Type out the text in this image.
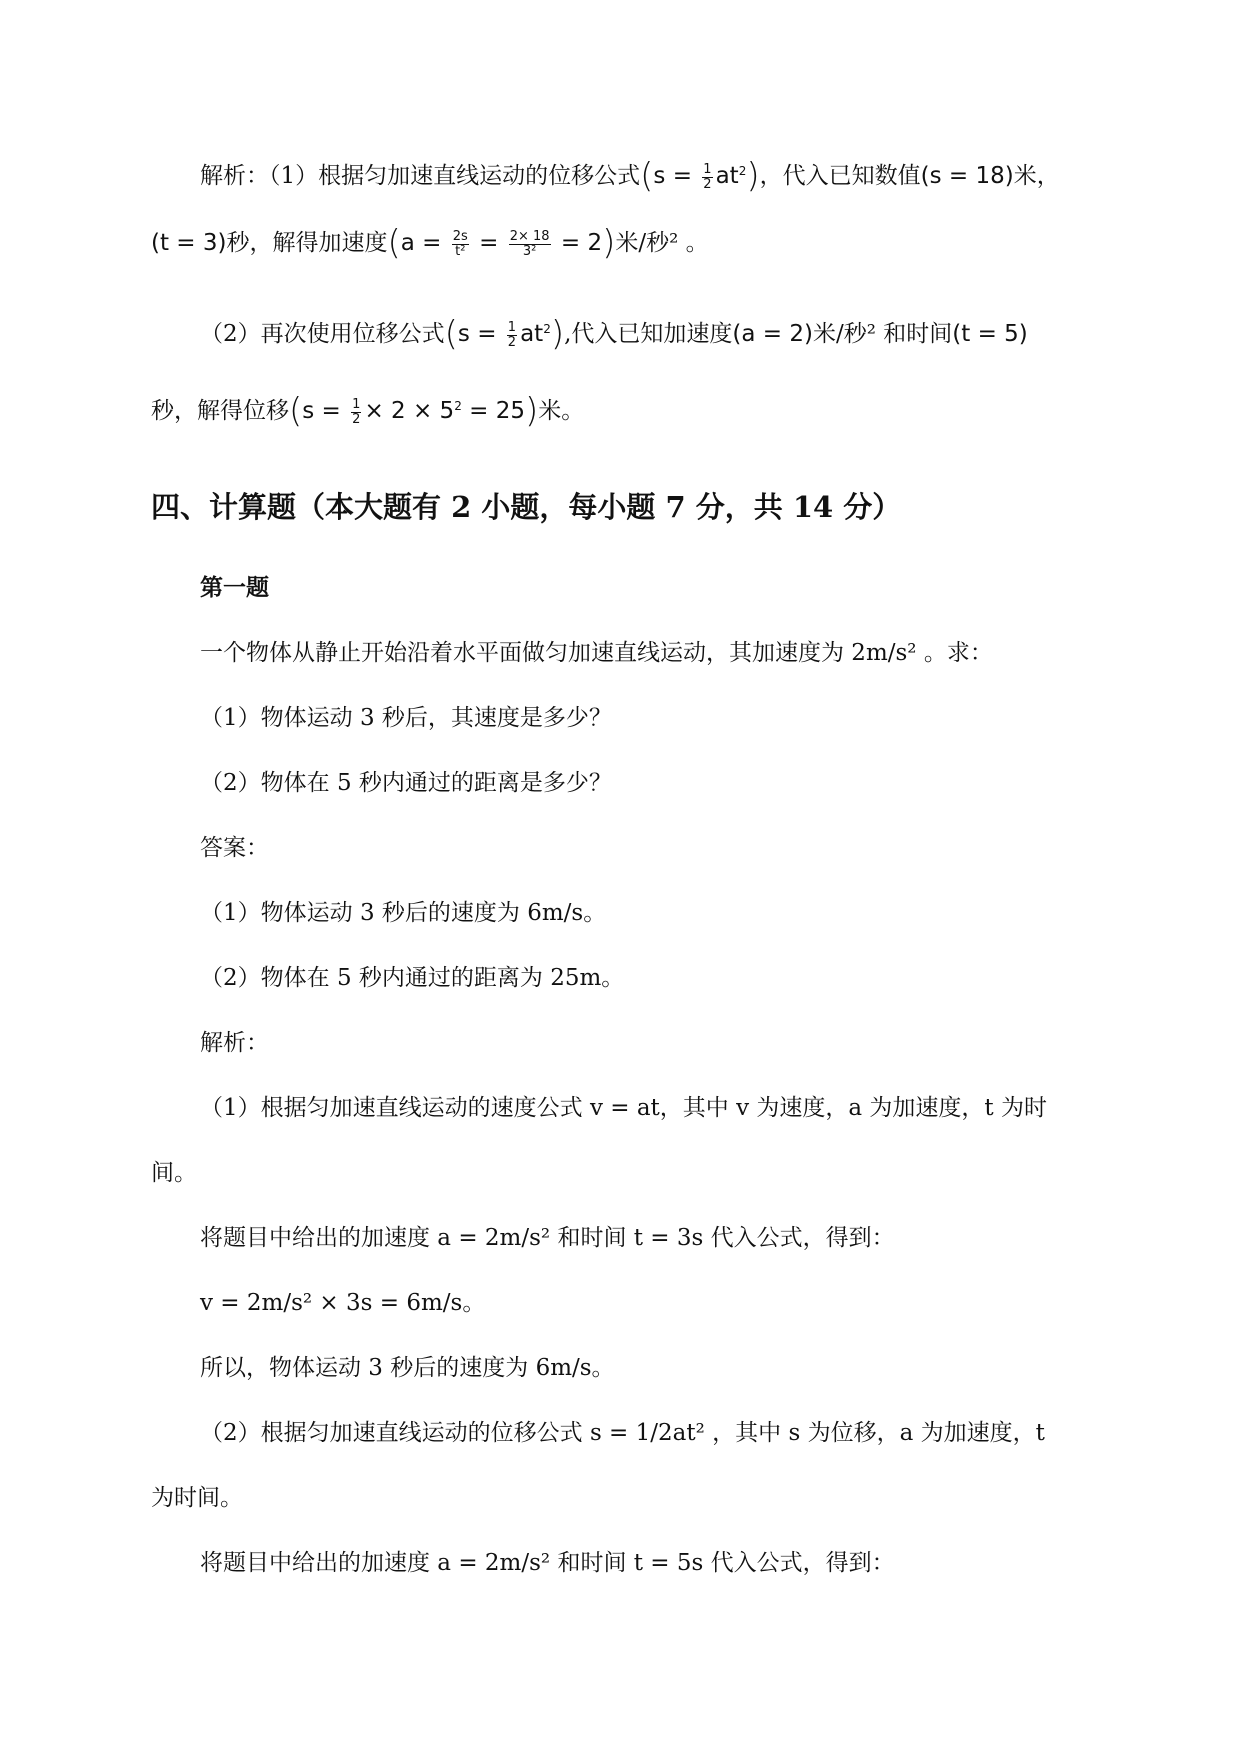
解析：（1）根据匀加速直线运动的位移公式$(s = \frac{1}{2} at^2)$，代入已知数值(s = 18)米，
(t = 3)秒，解得加速度$(a = \frac{2s}{\text{t²}} = \frac{2\times 18}{\text{3²}} = 2)$米/秒² 。
（2）再次使用位移公式$(s = \frac{1}{2} at^2)$,代入已知加速度(a = 2)米/秒² 和时间(t = 5)
秒，解得位移$(s = \frac{1}{2} \times 2 \times 5^2 = 25)$米。
四、计算题（本大题有 2 小题，每小题 7 分，共 14 分）
第一题
一个物体从静止开始沿着水平面做匀加速直线运动，其加速度为 2m/s² 。求：
（1）物体运动 3 秒后，其速度是多少？
（2）物体在 5 秒内通过的距离是多少？
答案：
（1）物体运动 3 秒后的速度为 6m/s。
（2）物体在 5 秒内通过的距离为 25m。
解析：
（1）根据匀加速直线运动的速度公式 v = at，其中 v 为速度，a 为加速度，t 为时
间。
将题目中给出的加速度 a = 2m/s² 和时间 t = 3s 代入公式，得到：
v = 2m/s² × 3s = 6m/s。
所以，物体运动 3 秒后的速度为 6m/s。
（2）根据匀加速直线运动的位移公式 s = 1/2at² ，其中 s 为位移，a 为加速度，t
为时间。
将题目中给出的加速度 a = 2m/s² 和时间 t = 5s 代入公式，得到：
